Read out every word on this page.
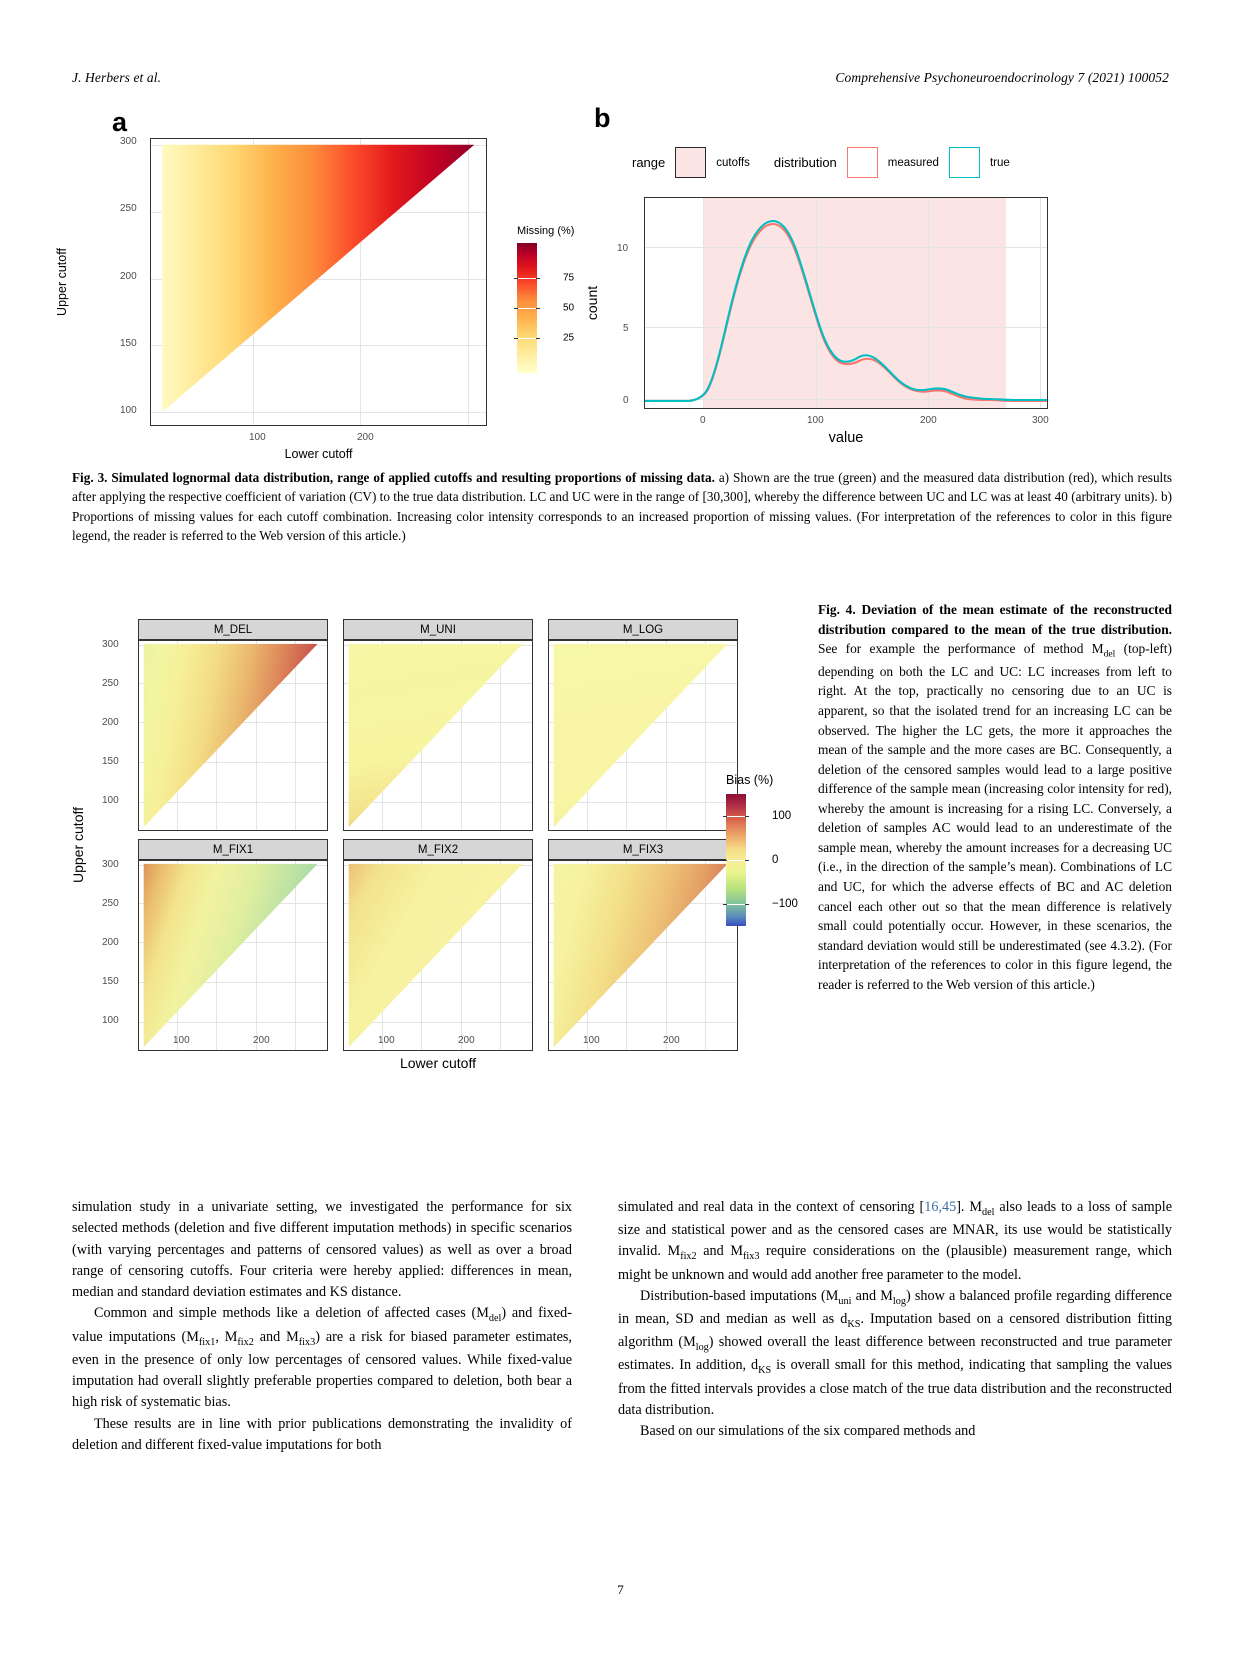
J. Herbers et al.	Comprehensive Psychoneuroendocrinology 7 (2021) 100052
a
300
250
200
150
100
100	200
Upper cutoff
Lower cutoff
Missing (%)
75
50
25
b
range	cutoffs distribution	measured	true
10
5
0
0	100	200	300
count
value
Fig. 3. Simulated lognormal data distribution, range of applied cutoffs and resulting proportions of missing data. a) Shown are the true (green) and the measured data distribution (red), which results after applying the respective coefficient of variation (CV) to the true data distribution. LC and UC were in the range of [30,300], whereby the difference between UC and LC was at least 40 (arbitrary units). b) Proportions of missing values for each cutoff combination. Increasing color intensity corresponds to an increased proportion of missing values. (For interpretation of the references to color in this figure legend, the reader is referred to the Web version of this article.)
300
250
200
150
100
300
250
200
150
100
M_DEL	M_UNI	M_LOG
M_FIX1	M_FIX2	M_FIX3
100	200	100	200	100	200
Upper cutoff
Lower cutoff
Bias (%)
100
0
−100
Fig. 4. Deviation of the mean estimate of the reconstructed distribution compared to the mean of the true distribution. See for example the performance of method $M_{del}$ (top-left) depending on both the LC and UC: LC increases from left to right. At the top, practically no censoring due to an UC is apparent, so that the isolated trend for an increasing LC can be observed. The higher the LC gets, the more it approaches the mean of the sample and the more cases are BC. Consequently, a deletion of the censored samples would lead to a large positive difference of the sample mean (increasing color intensity for red), whereby the amount is increasing for a rising LC. Conversely, a deletion of samples AC would lead to an underestimate of the sample mean, whereby the amount increases for a decreasing UC (i.e., in the direction of the sample’s mean). Combinations of LC and UC, for which the adverse effects of BC and AC deletion cancel each other out so that the mean difference is relatively small could potentially occur. However, in these scenarios, the standard deviation would still be underestimated (see 4.3.2). (For interpretation of the references to color in this figure legend, the reader is referred to the Web version of this article.)

simulation study in a univariate setting, we investigated the performance for six selected methods (deletion and five different imputation methods) in specific scenarios (with varying percentages and patterns of censored values) as well as over a broad range of censoring cutoffs. Four criteria were hereby applied: differences in mean, median and standard deviation estimates and KS distance.

Common and simple methods like a deletion of affected cases $(M_{del})$ and fixed-value imputations ($M_{fix1}$, $M_{fix2}$ and $M_{fix3}$) are a risk for biased parameter estimates, even in the presence of only low percentages of censored values. While fixed-value imputation had overall slightly preferable properties compared to deletion, both bear a high risk of systematic bias.

These results are in line with prior publications demonstrating the invalidity of deletion and different fixed-value imputations for both

simulated and real data in the context of censoring [16,45]. $M_{del}$ also leads to a loss of sample size and statistical power and as the censored cases are MNAR, its use would be statistically invalid. $M_{fix2}$ and $M_{fix3}$ require considerations on the (plausible) measurement range, which might be unknown and would add another free parameter to the model.

Distribution-based imputations ($M_{uni}$ and $M_{log}$) show a balanced profile regarding difference in mean, SD and median as well as $d_{KS}$. Imputation based on a censored distribution fitting algorithm $(M_{log})$ showed overall the least difference between reconstructed and true parameter estimates. In addition, $d_{KS}$ is overall small for this method, indicating that sampling the values from the fitted intervals provides a close match of the true data distribution and the reconstructed data distribution.

Based on our simulations of the six compared methods and

7
